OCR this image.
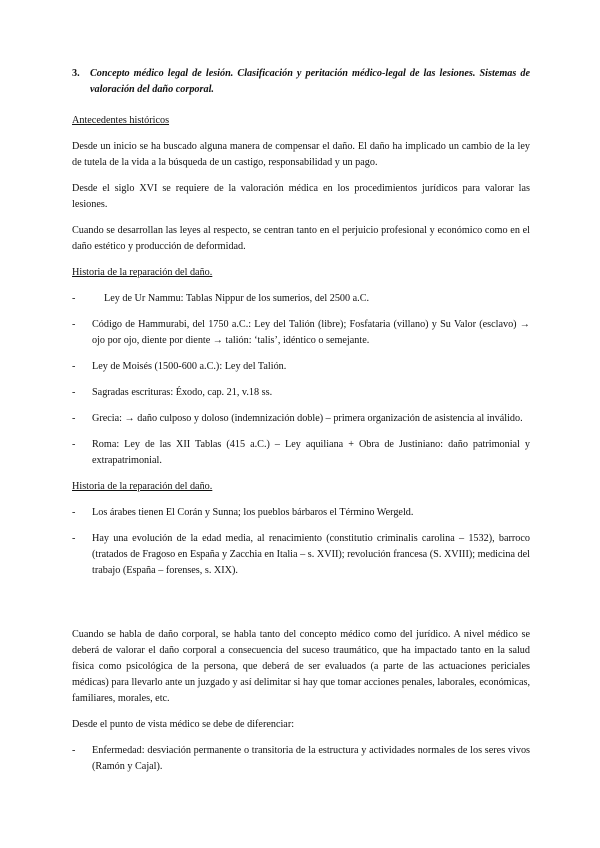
3.	Concepto médico legal de lesión. Clasificación y peritación médico-legal de las lesiones. Sistemas de valoración del daño corporal.
Antecedentes históricos

Desde un inicio se ha buscado alguna manera de compensar el daño. El daño ha implicado un cambio de la ley de tutela de la vida a la búsqueda de un castigo, responsabilidad y un pago.

Desde el siglo XVI se requiere de la valoración médica en los procedimientos jurídicos para valorar las lesiones.

Cuando se desarrollan las leyes al respecto, se centran tanto en el perjuicio profesional y económico como en el daño estético y producción de deformidad.

Historia de la reparación del daño.
-	Ley de Ur Nammu: Tablas Nippur de los sumerios, del 2500 a.C.
-	Código de Hammurabi, del 1750 a.C.: Ley del Talión (libre); Fosfataria (villano) y Su Valor (esclavo) → ojo por ojo, diente por diente → talión: ‘talis’, idéntico o semejante.
-	Ley de Moisés (1500-600 a.C.): Ley del Talión.
-	Sagradas escrituras: Éxodo, cap. 21, v.18 ss.
-	Grecia: → daño culposo y doloso (indemnización doble) – primera organización de asistencia al inválido.
-	Roma: Ley de las XII Tablas (415 a.C.) – Ley aquiliana + Obra de Justiniano: daño patrimonial y extrapatrimonial.
Historia de la reparación del daño.
-	Los árabes tienen El Corán y Sunna; los pueblos bárbaros el Término Wergeld.
-	Hay una evolución de la edad media, al renacimiento (constitutio criminalis carolina – 1532), barroco (tratados de Fragoso en España y Zacchia en Italia – s. XVII); revolución francesa (S. XVIII); medicina del trabajo (España – forenses, s. XIX).

Cuando se habla de daño corporal, se habla tanto del concepto médico como del jurídico. A nivel médico se deberá de valorar el daño corporal a consecuencia del suceso traumático, que ha impactado tanto en la salud física como psicológica de la persona, que deberá de ser evaluados (a parte de las actuaciones periciales médicas) para llevarlo ante un juzgado y así delimitar si hay que tomar acciones penales, laborales, económicas, familiares, morales, etc.

Desde el punto de vista médico se debe de diferenciar:

-	Enfermedad: desviación permanente o transitoria de la estructura y actividades normales de los seres vivos (Ramón y Cajal).
